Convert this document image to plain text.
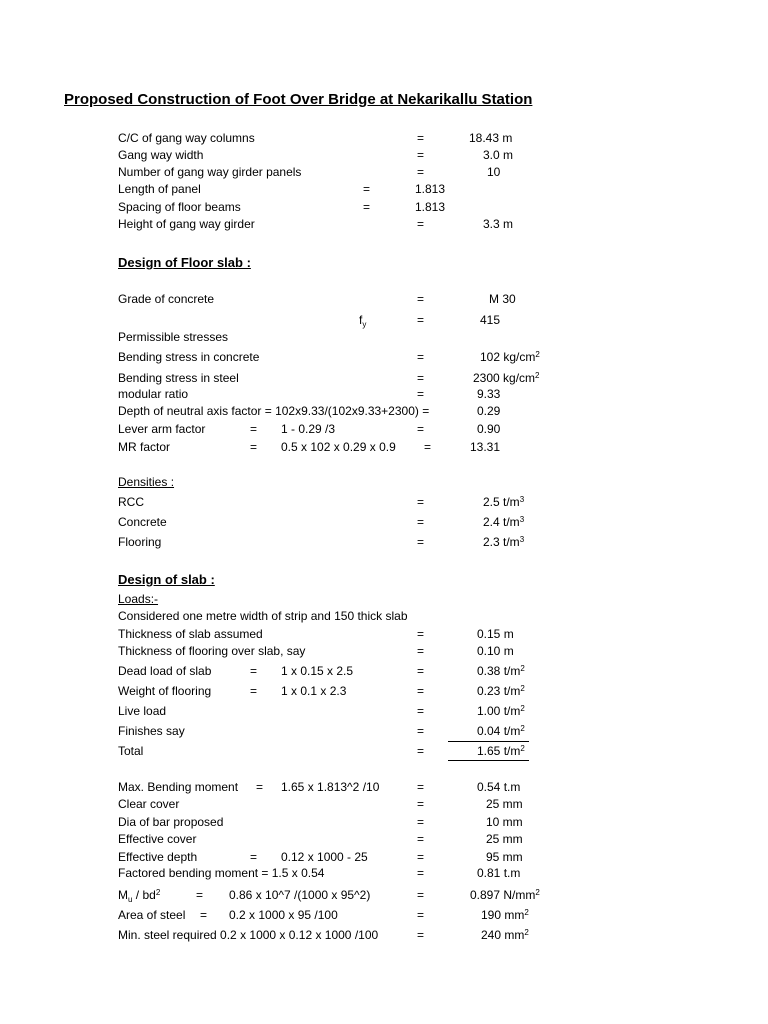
Proposed Construction of Foot Over Bridge at Nekarikallu Station
C/C of gang way columns	=	18.43 m
Gang way width	=	3.0 m
Number of gang way girder panels	=	10
Length of panel	=	1.813
Spacing of floor beams	=	1.813
Height of gang way girder	=	3.3 m
Design of Floor slab :
Grade of concrete	=	M 30
$f_y$	=	415
Permissible stresses
Bending stress in concrete	=	102 $kg/cm^2$
Bending stress in steel	=	2300 $kg/cm^2$
modular ratio	=	9.33
Depth of neutral axis factor = 102x9.33/(102x9.33+2300) =	0.29
Lever arm factor	= 1 - 0.29 /3	=	0.90
MR factor	= 0.5 x 102 x 0.29 x 0.9 =	13.31
Densities :
RCC	=	2.5 $t/m^3$
Concrete	=	2.4 $t/m^3$
Flooring	=	2.3 $t/m^3$
Design of slab :
Loads:-
Considered one metre width of strip and 150 thick slab
Thickness of slab assumed	=	0.15 m
Thickness of flooring over slab, say	=	0.10 m
Dead load of slab	= 1 x 0.15 x 2.5	=	0.38 $t/m^2$
Weight of flooring	= 1 x 0.1 x 2.3	=	0.23 $t/m^2$
Live load	=	1.00 $t/m^2$
Finishes say	=	0.04 $t/m^2$
Total	=	1.65 $t/m^2$
Max. Bending moment = 1.65 x 1.813^2 /10	=	0.54 t.m
Clear cover	=	25 mm
Dia of bar proposed	=	10 mm
Effective cover	=	25 mm
Effective depth	= 0.12 x 1000 - 25	=	95 mm
Factored bending moment = 1.5 x 0.54	=	0.81 t.m
$M_u / bd^2$	= 0.86 x 10^7 /(1000 x 95^2)	=	0.897 $N/mm^2$
Area of steel = 0.2 x 1000 x 95 /100	=	190 $mm^2$
Min. steel required 0.2 x 1000 x 0.12 x 1000 /100	=	240 $mm^2$
